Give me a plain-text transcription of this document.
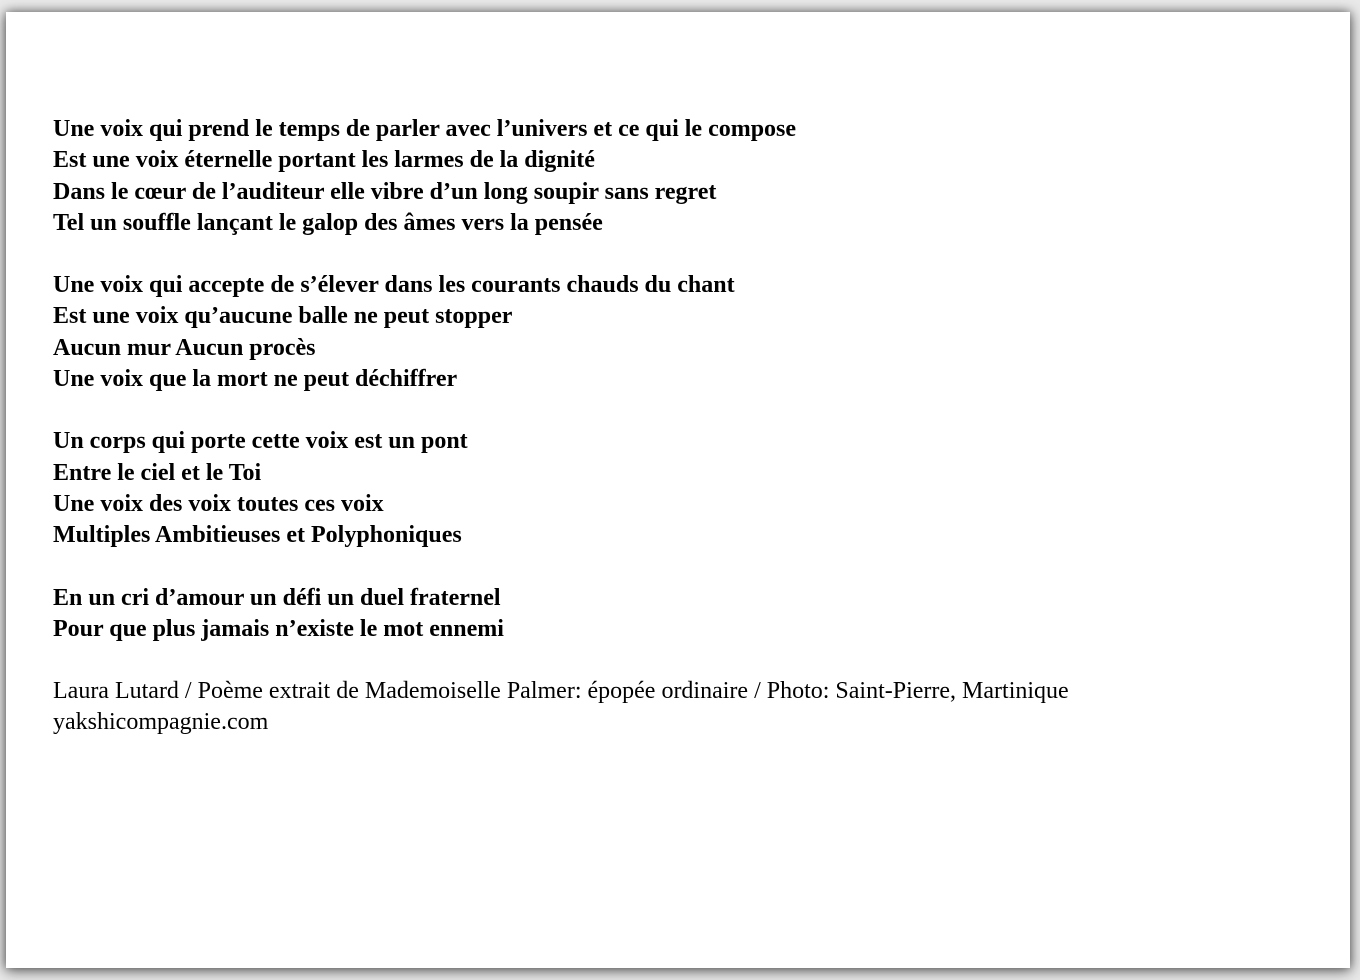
Une voix qui prend le temps de parler avec l’univers et ce qui le compose
Est une voix éternelle portant les larmes de la dignité
Dans le cœur de l’auditeur elle vibre d’un long soupir sans regret
Tel un souffle lançant le galop des âmes vers la pensée
Une voix qui accepte de s’élever dans les courants chauds du chant
Est une voix qu’aucune balle ne peut stopper
Aucun mur Aucun procès
Une voix que la mort ne peut déchiffrer
Un corps qui porte cette voix est un pont
Entre le ciel et le Toi
Une voix des voix toutes ces voix
Multiples Ambitieuses et Polyphoniques
En un cri d’amour un défi un duel fraternel
Pour que plus jamais n’existe le mot ennemi
Laura Lutard / Poème extrait de Mademoiselle Palmer: épopée ordinaire / Photo: Saint-Pierre, Martinique
yakshicompagnie.com
